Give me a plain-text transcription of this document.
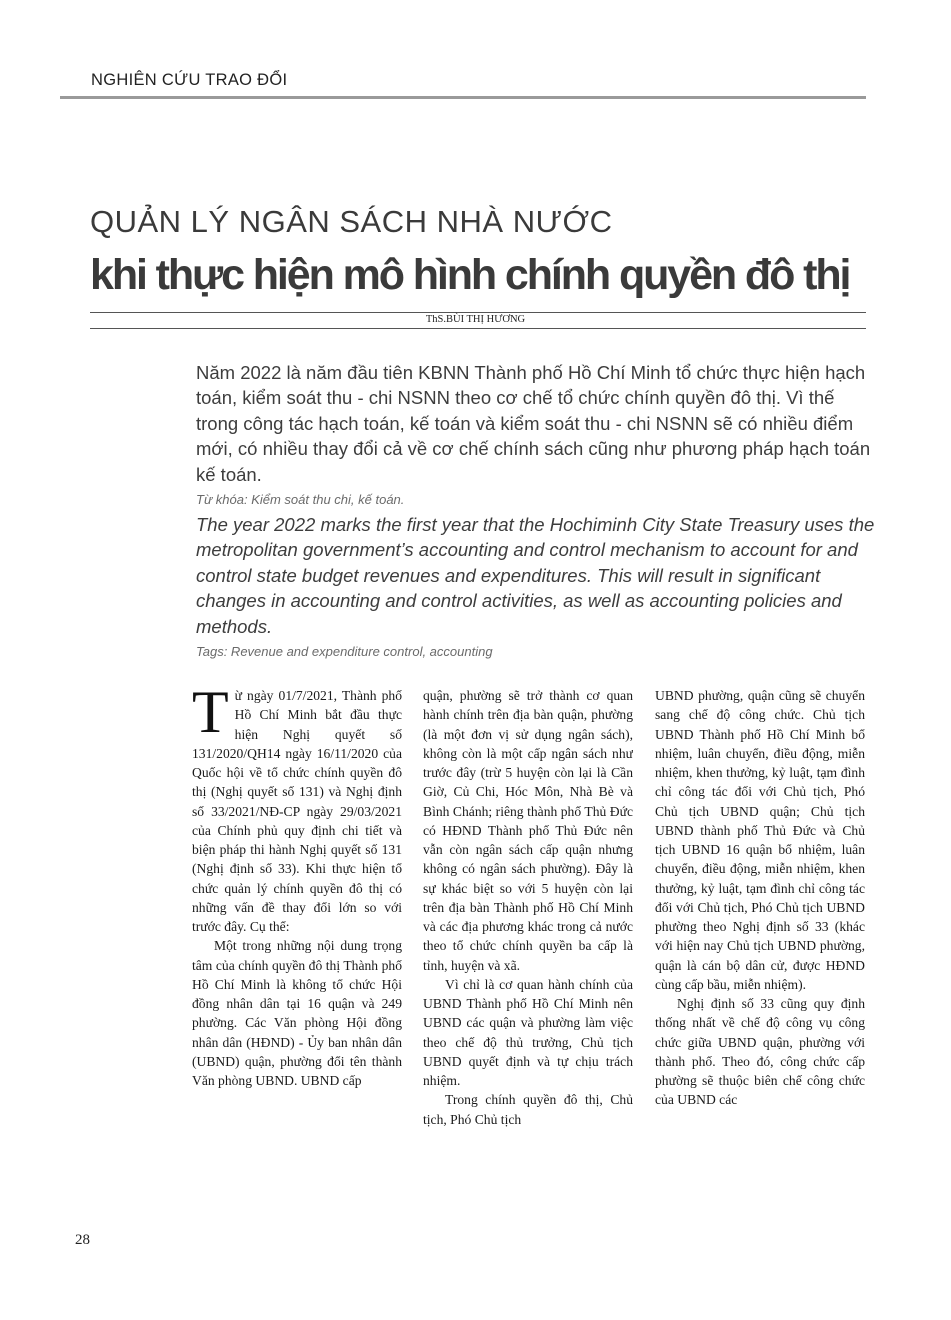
NGHIÊN CỨU TRAO ĐỔI
QUẢN LÝ NGÂN SÁCH NHÀ NƯỚC
khi thực hiện mô hình chính quyền đô thị
ThS.BÙI THỊ HƯƠNG
Năm 2022 là năm đầu tiên KBNN Thành phố Hồ Chí Minh tổ chức thực hiện hạch toán, kiểm soát thu - chi NSNN theo cơ chế tổ chức chính quyền đô thị. Vì thế trong công tác hạch toán, kế toán và kiểm soát thu - chi NSNN sẽ có nhiều điểm mới, có nhiều thay đổi cả về cơ chế chính sách cũng như phương pháp hạch toán kế toán.
Từ khóa: Kiểm soát thu chi, kế toán.
The year 2022 marks the first year that the Hochiminh City State Treasury uses the metropolitan government’s accounting and control mechanism to account for and control state budget revenues and expenditures. This will result in significant changes in accounting and control activities, as well as accounting policies and methods.
Tags: Revenue and expenditure control, accounting

Từ ngày 01/7/2021, Thành phố Hồ Chí Minh bắt đầu thực hiện Nghị quyết số 131/2020/QH14 ngày 16/11/2020 của Quốc hội về tổ chức chính quyền đô thị (Nghị quyết số 131) và Nghị định số 33/2021/NĐ-CP ngày 29/03/2021 của Chính phủ quy định chi tiết và biện pháp thi hành Nghị quyết số 131 (Nghị định số 33). Khi thực hiện tổ chức quản lý chính quyền đô thị có những vấn đề thay đổi lớn so với trước đây. Cụ thể:

Một trong những nội dung trọng tâm của chính quyền đô thị Thành phố Hồ Chí Minh là không tổ chức Hội đồng nhân dân tại 16 quận và 249 phường. Các Văn phòng Hội đồng nhân dân (HĐND) - Ủy ban nhân dân (UBND) quận, phường đổi tên thành Văn phòng UBND. UBND cấp

quận, phường sẽ trở thành cơ quan hành chính trên địa bàn quận, phường (là một đơn vị sử dụng ngân sách), không còn là một cấp ngân sách như trước đây (trừ 5 huyện còn lại là Cần Giờ, Củ Chi, Hóc Môn, Nhà Bè và Bình Chánh; riêng thành phố Thủ Đức có HĐND Thành phố Thủ Đức nên vẫn còn ngân sách cấp quận nhưng không có ngân sách phường). Đây là sự khác biệt so với 5 huyện còn lại trên địa bàn Thành phố Hồ Chí Minh và các địa phương khác trong cả nước theo tổ chức chính quyền ba cấp là tỉnh, huyện và xã.

Vì chỉ là cơ quan hành chính của UBND Thành phố Hồ Chí Minh nên UBND các quận và phường làm việc theo chế độ thủ trưởng, Chủ tịch UBND quyết định và tự chịu trách nhiệm.

Trong chính quyền đô thị, Chủ tịch, Phó Chủ tịch

UBND phường, quận cũng sẽ chuyển sang chế độ công chức. Chủ tịch UBND Thành phố Hồ Chí Minh bổ nhiệm, luân chuyển, điều động, miễn nhiệm, khen thưởng, kỷ luật, tạm đình chỉ công tác đối với Chủ tịch, Phó Chủ tịch UBND quận; Chủ tịch UBND thành phố Thủ Đức và Chủ tịch UBND 16 quận bổ nhiệm, luân chuyển, điều động, miễn nhiệm, khen thưởng, kỷ luật, tạm đình chỉ công tác đối với Chủ tịch, Phó Chủ tịch UBND phường theo Nghị định số 33 (khác với hiện nay Chủ tịch UBND phường, quận là cán bộ dân cử, được HĐND cùng cấp bầu, miễn nhiệm).

Nghị định số 33 cũng quy định thống nhất về chế độ công vụ công chức giữa UBND quận, phường với thành phố. Theo đó, công chức cấp phường sẽ thuộc biên chế công chức của UBND các

28
